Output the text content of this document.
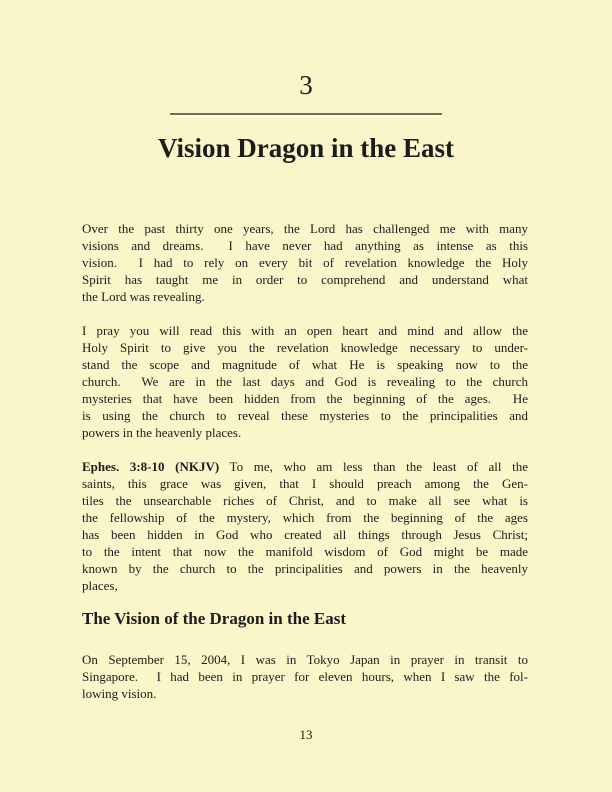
3
Vision Dragon in the East

Over the past thirty one years, the Lord has challenged me with many
visions and dreams.  I have never had anything as intense as this
vision.  I had to rely on every bit of revelation knowledge the Holy
Spirit has taught me in order to comprehend and understand what
the Lord was revealing.

I pray you will read this with an open heart and mind and allow the
Holy Spirit to give you the revelation knowledge necessary to under-
stand the scope and magnitude of what He is speaking now to the
church.  We are in the last days and God is revealing to the church
mysteries that have been hidden from the beginning of the ages.  He
is using the church to reveal these mysteries to the principalities and
powers in the heavenly places.

Ephes. 3:8-10 (NKJV) To me, who am less than the least of all the
saints, this grace was given, that I should preach among the Gen-
tiles the unsearchable riches of Christ, and to make all see what is
the fellowship of the mystery, which from the beginning of the ages
has been hidden in God who created all things through Jesus Christ;
to the intent that now the manifold wisdom of God might be made
known by the church to the principalities and powers in the heavenly
places,

The Vision of the Dragon in the East

On September 15, 2004, I was in Tokyo Japan in prayer in transit to
Singapore.  I had been in prayer for eleven hours, when I saw the fol-
lowing vision.

13
